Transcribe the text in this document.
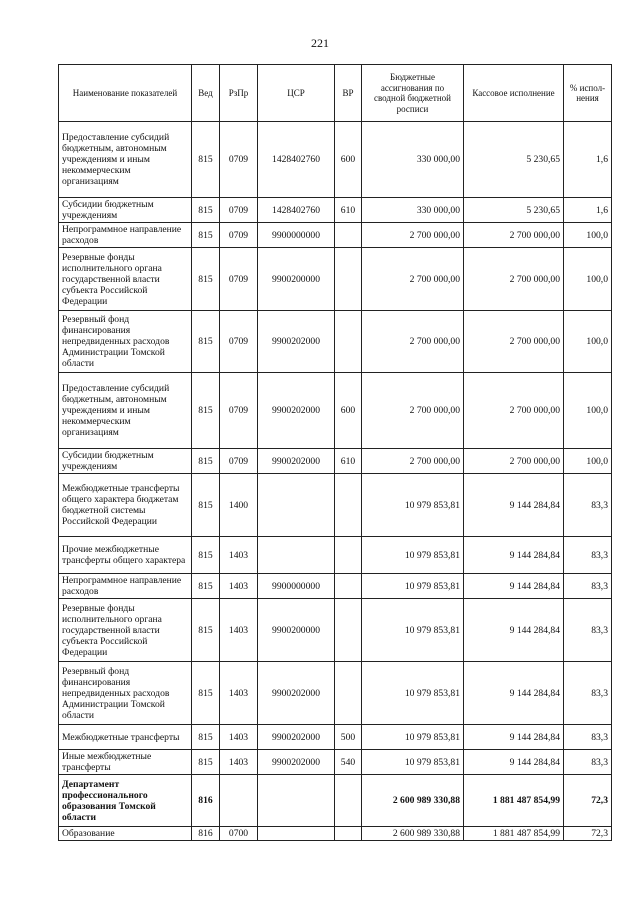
221
Наименование показателей	Вед	РзПр	ЦСР	ВР	Бюджетные ассигнования по сводной бюджетной росписи	Кассовое исполнение	% испол-нения
Предоставление субсидий бюджетным, автономным учреждениям и иным некоммерческим организациям	815	0709	1428402760	600	330 000,00	5 230,65	1,6
Субсидии бюджетным учреждениям	815	0709	1428402760	610	330 000,00	5 230,65	1,6
Непрограммное направление расходов	815	0709	9900000000		2 700 000,00	2 700 000,00	100,0
Резервные фонды исполнительного органа государственной власти субъекта Российской Федерации	815	0709	9900200000		2 700 000,00	2 700 000,00	100,0
Резервный фонд финансирования непредвиденных расходов Администрации Томской области	815	0709	9900202000		2 700 000,00	2 700 000,00	100,0
Предоставление субсидий бюджетным, автономным учреждениям и иным некоммерческим организациям	815	0709	9900202000	600	2 700 000,00	2 700 000,00	100,0
Субсидии бюджетным учреждениям	815	0709	9900202000	610	2 700 000,00	2 700 000,00	100,0
Межбюджетные трансферты общего характера бюджетам бюджетной системы Российской Федерации	815	1400			10 979 853,81	9 144 284,84	83,3
Прочие межбюджетные трансферты общего характера	815	1403			10 979 853,81	9 144 284,84	83,3
Непрограммное направление расходов	815	1403	9900000000		10 979 853,81	9 144 284,84	83,3
Резервные фонды исполнительного органа государственной власти субъекта Российской Федерации	815	1403	9900200000		10 979 853,81	9 144 284,84	83,3
Резервный фонд финансирования непредвиденных расходов Администрации Томской области	815	1403	9900202000		10 979 853,81	9 144 284,84	83,3
Межбюджетные трансферты	815	1403	9900202000	500	10 979 853,81	9 144 284,84	83,3
Иные межбюджетные трансферты	815	1403	9900202000	540	10 979 853,81	9 144 284,84	83,3
Департамент профессионального образования Томской области	816				2 600 989 330,88	1 881 487 854,99	72,3
Образование	816	0700			2 600 989 330,88	1 881 487 854,99	72,3
